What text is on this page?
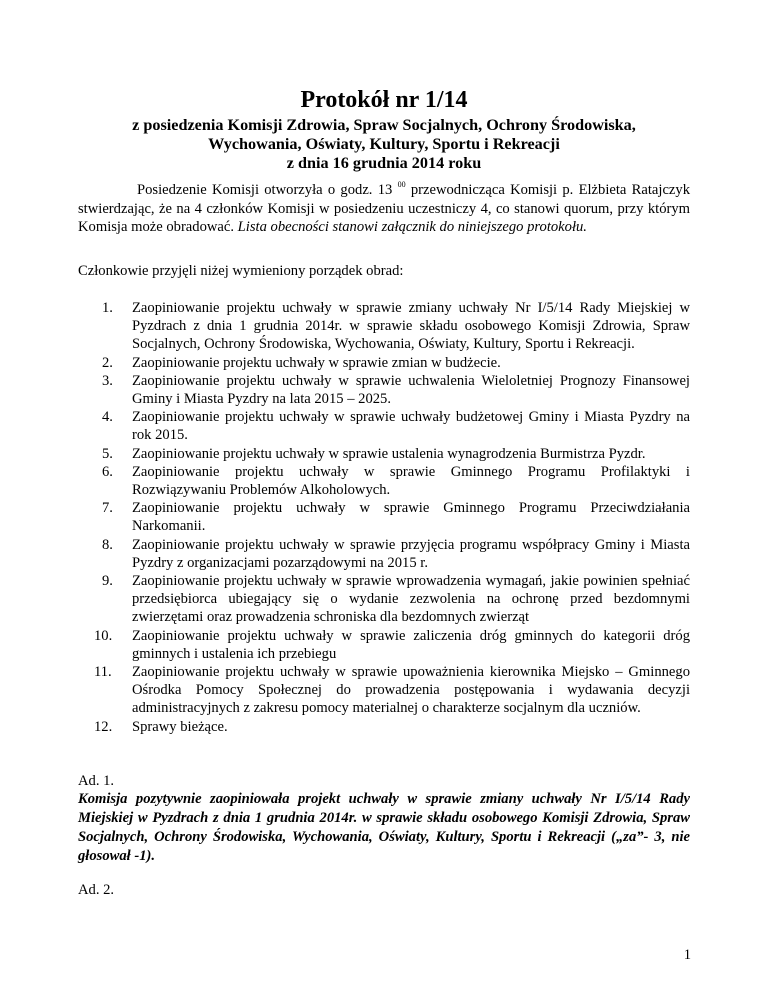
Protokół nr 1/14
z posiedzenia Komisji Zdrowia, Spraw Socjalnych, Ochrony Środowiska,
Wychowania, Oświaty, Kultury, Sportu i Rekreacji
z dnia 16 grudnia 2014 roku
Posiedzenie Komisji otworzyła o godz. 13 $^{00}$ przewodnicząca Komisji p. Elżbieta Ratajczyk stwierdzając, że na 4 członków Komisji w posiedzeniu uczestniczy 4, co stanowi quorum, przy którym Komisja może obradować. Lista obecności stanowi załącznik do niniejszego protokołu.
Członkowie przyjęli niżej wymieniony porządek obrad:
1.	Zaopiniowanie projektu uchwały w sprawie zmiany uchwały Nr I/5/14 Rady Miejskiej w Pyzdrach z dnia 1 grudnia 2014r. w sprawie składu osobowego Komisji Zdrowia, Spraw Socjalnych, Ochrony Środowiska, Wychowania, Oświaty, Kultury, Sportu i Rekreacji.
2.	Zaopiniowanie projektu uchwały w sprawie zmian w budżecie.
3.	Zaopiniowanie projektu uchwały w sprawie uchwalenia Wieloletniej Prognozy Finansowej Gminy i Miasta Pyzdry na lata 2015 – 2025.
4.	Zaopiniowanie projektu uchwały w sprawie uchwały budżetowej Gminy i Miasta Pyzdry na rok 2015.
5.	Zaopiniowanie projektu uchwały w sprawie ustalenia wynagrodzenia Burmistrza Pyzdr.
6.	Zaopiniowanie projektu uchwały w sprawie Gminnego Programu Profilaktyki i Rozwiązywaniu Problemów Alkoholowych.
7.	Zaopiniowanie projektu uchwały w sprawie Gminnego Programu Przeciwdziałania Narkomanii.
8.	Zaopiniowanie projektu uchwały w sprawie przyjęcia programu współpracy Gminy i Miasta Pyzdry z organizacjami pozarządowymi na 2015 r.
9.	Zaopiniowanie projektu uchwały w sprawie wprowadzenia wymagań, jakie powinien spełniać przedsiębiorca ubiegający się o wydanie zezwolenia na ochronę przed bezdomnymi zwierzętami oraz prowadzenia schroniska dla bezdomnych zwierząt
10.	Zaopiniowanie projektu uchwały w sprawie zaliczenia dróg gminnych do kategorii dróg gminnych i ustalenia ich przebiegu
11.	Zaopiniowanie projektu uchwały w sprawie upoważnienia kierownika Miejsko – Gminnego Ośrodka Pomocy Społecznej do prowadzenia postępowania i wydawania decyzji administracyjnych z zakresu pomocy materialnej o charakterze socjalnym dla uczniów.
12.	Sprawy bieżące.
Ad. 1.
Komisja pozytywnie zaopiniowała projekt uchwały w sprawie zmiany uchwały Nr I/5/14 Rady Miejskiej w Pyzdrach z dnia 1 grudnia 2014r. w sprawie składu osobowego Komisji Zdrowia, Spraw Socjalnych, Ochrony Środowiska, Wychowania, Oświaty, Kultury, Sportu i Rekreacji („za”- 3, nie głosował -1).
Ad. 2.
1
